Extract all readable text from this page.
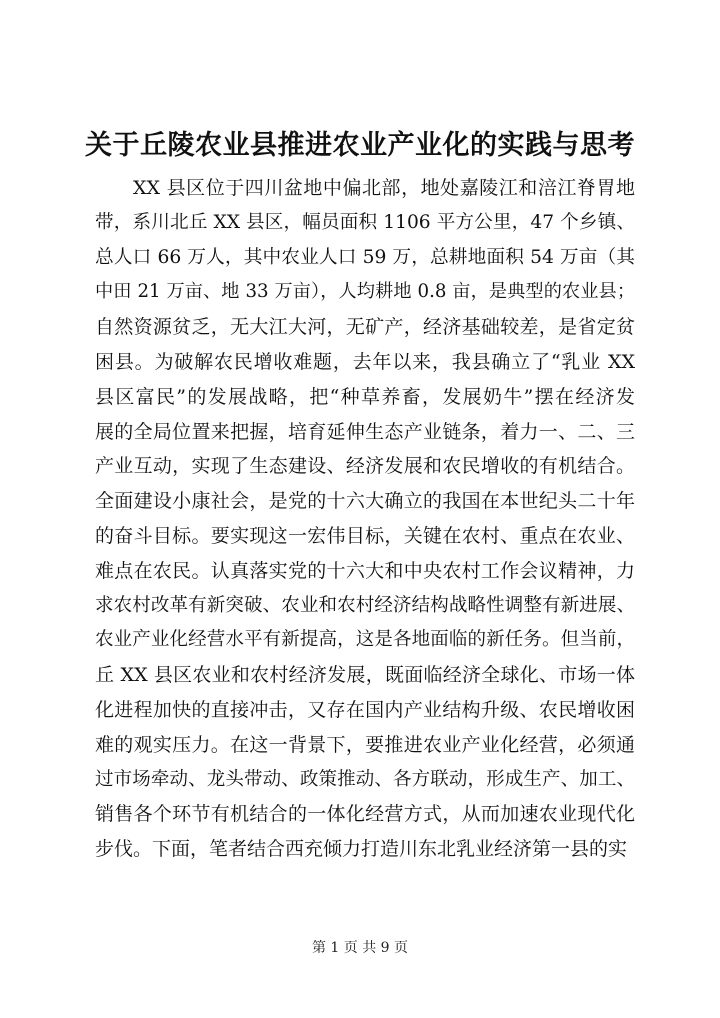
关于丘陵农业县推进农业产业化的实践与思考
XX 县区位于四川盆地中偏北部，地处嘉陵江和涪江脊胃地
带，系川北丘 XX 县区，幅员面积 1106 平方公里，47 个乡镇、
总人口 66 万人，其中农业人口 59 万，总耕地面积 54 万亩（其
中田 21 万亩、地 33 万亩），人均耕地 0.8 亩，是典型的农业县；
自然资源贫乏，无大江大河，无矿产，经济基础较差，是省定贫
困县。为破解农民增收难题，去年以来，我县确立了“乳业 XX
县区富民”的发展战略，把“种草养畜，发展奶牛”摆在经济发
展的全局位置来把握，培育延伸生态产业链条，着力一、二、三
产业互动，实现了生态建设、经济发展和农民增收的有机结合。
全面建设小康社会，是党的十六大确立的我国在本世纪头二十年
的奋斗目标。要实现这一宏伟目标，关键在农村、重点在农业、
难点在农民。认真落实党的十六大和中央农村工作会议精神，力
求农村改革有新突破、农业和农村经济结构战略性调整有新进展、
农业产业化经营水平有新提高，这是各地面临的新任务。但当前，
丘 XX 县区农业和农村经济发展，既面临经济全球化、市场一体
化进程加快的直接冲击，又存在国内产业结构升级、农民增收困
难的观实压力。在这一背景下，要推进农业产业化经营，必须通
过市场牵动、龙头带动、政策推动、各方联动，形成生产、加工、
销售各个环节有机结合的一体化经营方式，从而加速农业现代化
步伐。下面，笔者结合西充倾力打造川东北乳业经济第一县的实
第 1 页 共 9 页
